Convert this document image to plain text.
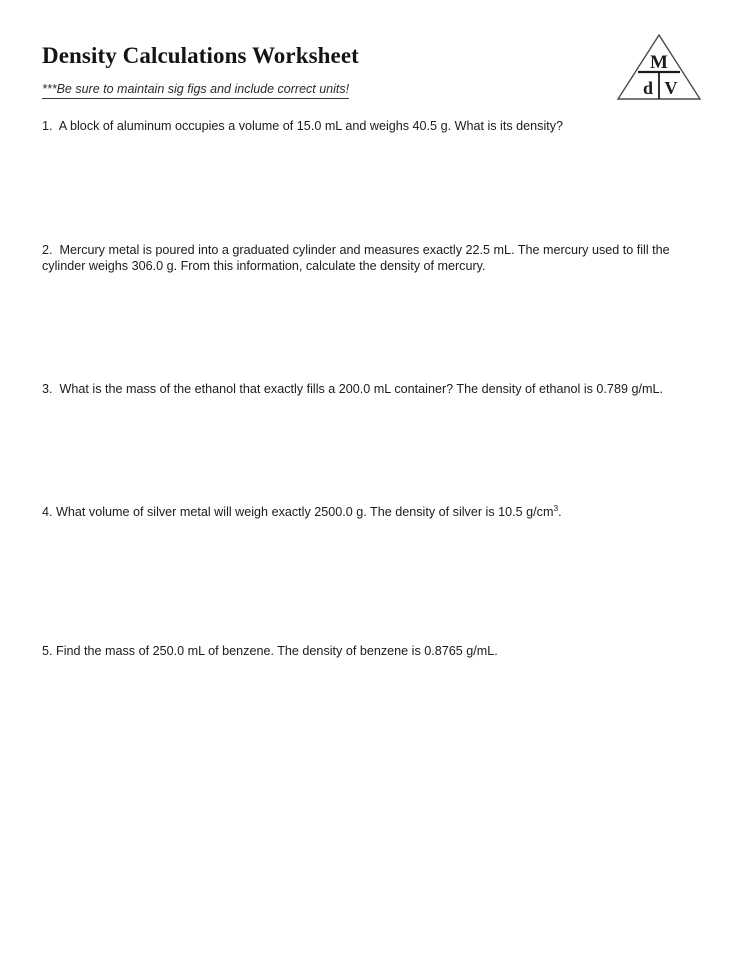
Density Calculations Worksheet
***Be sure to maintain sig figs and include correct units!
M
d V

1.  A block of aluminum occupies a volume of 15.0 mL and weighs 40.5 g. What is its density?

2.  Mercury metal is poured into a graduated cylinder and measures exactly 22.5 mL. The mercury used to fill the cylinder weighs 306.0 g. From this information, calculate the density of mercury.

3.  What is the mass of the ethanol that exactly fills a 200.0 mL container? The density of ethanol is 0.789 g/mL.

4. What volume of silver metal will weigh exactly 2500.0 g. The density of silver is 10.5 $g/cm^3$.

5. Find the mass of 250.0 mL of benzene. The density of benzene is 0.8765 g/mL.
